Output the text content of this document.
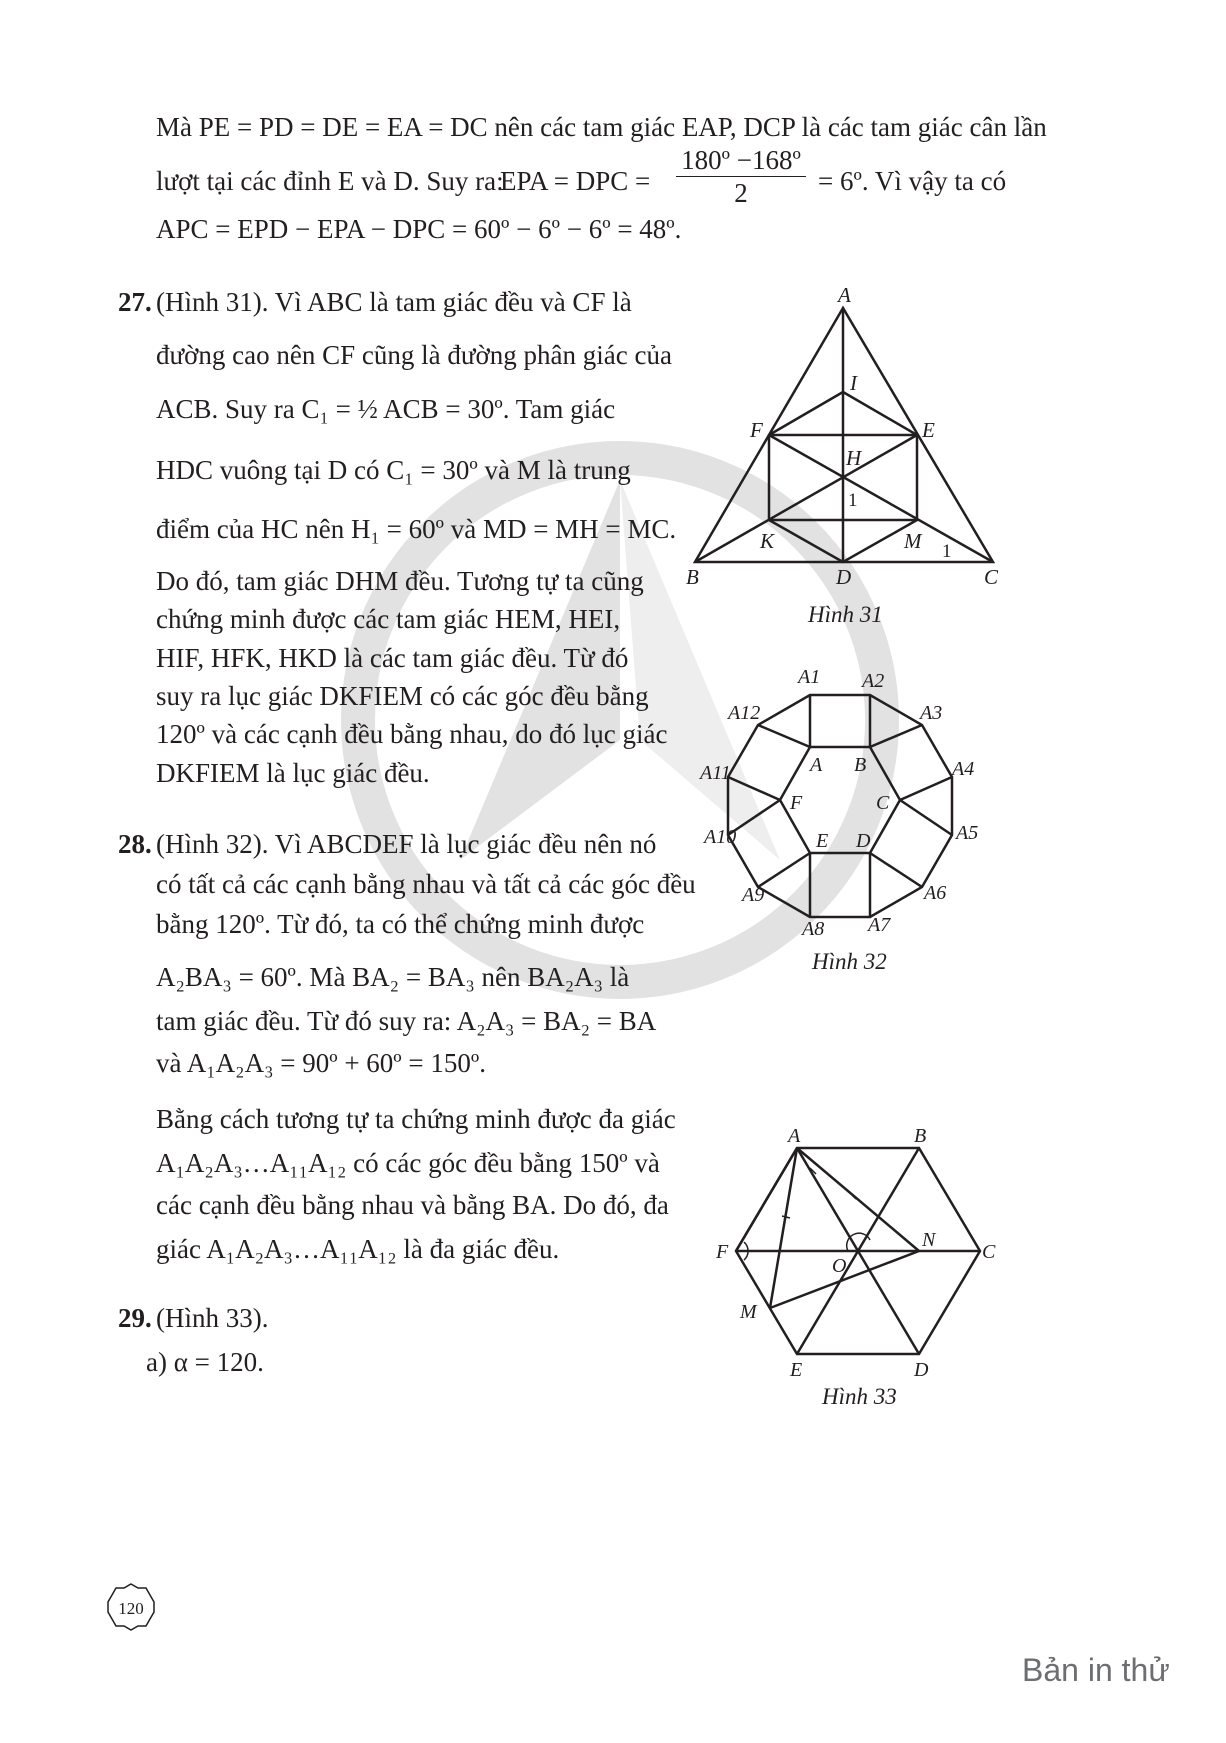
Mà PE = PD = DE = EA = DC nên các tam giác EAP, DCP là các tam giác cân lần
lượt tại các đỉnh E và D. Suy ra:
EPA = DPC =
180º −168º
2	= 6º. Vì vậy ta có
APC = EPD − EPA − DPC = 60º − 6º − 6º = 48º.
27. (Hình 31). Vì ABC là tam giác đều và CF là
đường cao nên CF cũng là đường phân giác của
ACB. Suy ra C₁ = ½ ACB = 30º. Tam giác
HDC vuông tại D có C₁ = 30º và M là trung
điểm của HC nên H₁ = 60º và MD = MH = MC.
Do đó, tam giác DHM đều. Tương tự ta cũng
chứng minh được các tam giác HEM, HEI,
HIF, HFK, HKD là các tam giác đều. Từ đó
suy ra lục giác DKFIEM có các góc đều bằng
120º và các cạnh đều bằng nhau, do đó lục giác
DKFIEM là lục giác đều.
28. (Hình 32). Vì ABCDEF là lục giác đều nên nó
có tất cả các cạnh bằng nhau và tất cả các góc đều
bằng 120º. Từ đó, ta có thể chứng minh được
A₂BA₃ = 60º. Mà BA₂ = BA₃ nên BA₂A₃ là
tam giác đều. Từ đó suy ra: A₂A₃ = BA₂ = BA
và A₁A₂A₃ = 90º + 60º = 150º.
Bằng cách tương tự ta chứng minh được đa giác
A₁A₂A₃…A₁₁A₁₂ có các góc đều bằng 150º và
các cạnh đều bằng nhau và bằng BA. Do đó, đa
giác A₁A₂A₃…A₁₁A₁₂ là đa giác đều.
29. (Hình 33).
a) α = 120.
A
B	C
D
E
F
H
I
K	M
1
1
Hình 31
A1 A2
A3
A4
A5
A6
A7
A8
A9
A10
A11
A12
A B
C
D
E
F
Hình 32
A	B
C
D
E
F
M
N
O
Hình 33
120
Bản in thử
